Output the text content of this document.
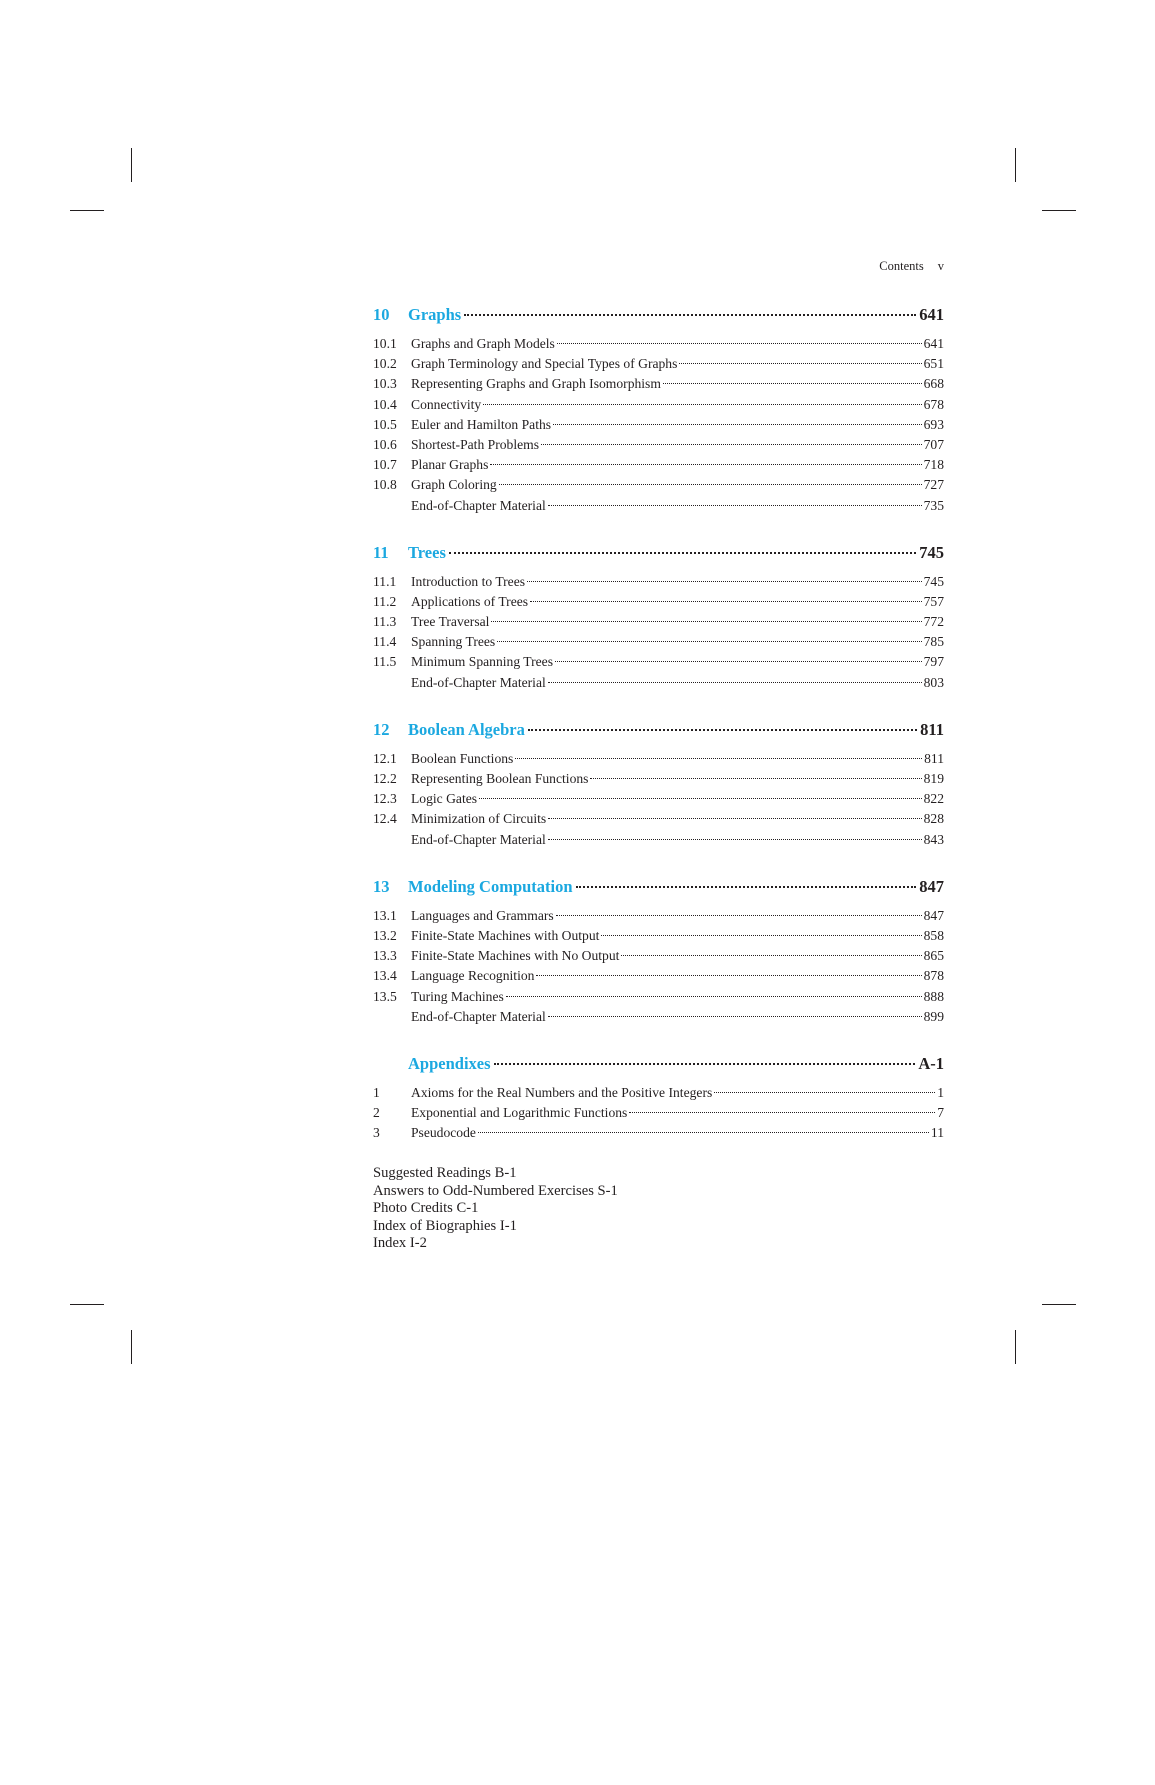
Contents v
10	Graphs	641
10.1	Graphs and Graph Models	641
10.2	Graph Terminology and Special Types of Graphs	651
10.3	Representing Graphs and Graph Isomorphism	668
10.4	Connectivity	678
10.5	Euler and Hamilton Paths	693
10.6	Shortest-Path Problems	707
10.7	Planar Graphs	718
10.8	Graph Coloring	727
End-of-Chapter Material	735
11	Trees	745
11.1	Introduction to Trees	745
11.2	Applications of Trees	757
11.3	Tree Traversal	772
11.4	Spanning Trees	785
11.5	Minimum Spanning Trees	797
End-of-Chapter Material	803
12	Boolean Algebra	811
12.1	Boolean Functions	811
12.2	Representing Boolean Functions	819
12.3	Logic Gates	822
12.4	Minimization of Circuits	828
End-of-Chapter Material	843
13	Modeling Computation	847
13.1	Languages and Grammars	847
13.2	Finite-State Machines with Output	858
13.3	Finite-State Machines with No Output	865
13.4	Language Recognition	878
13.5	Turing Machines	888
End-of-Chapter Material	899
Appendixes	A-1
1	Axioms for the Real Numbers and the Positive Integers	1
2	Exponential and Logarithmic Functions	7
3	Pseudocode	11
Suggested Readings B-1
Answers to Odd-Numbered Exercises S-1
Photo Credits C-1
Index of Biographies I-1
Index I-2
